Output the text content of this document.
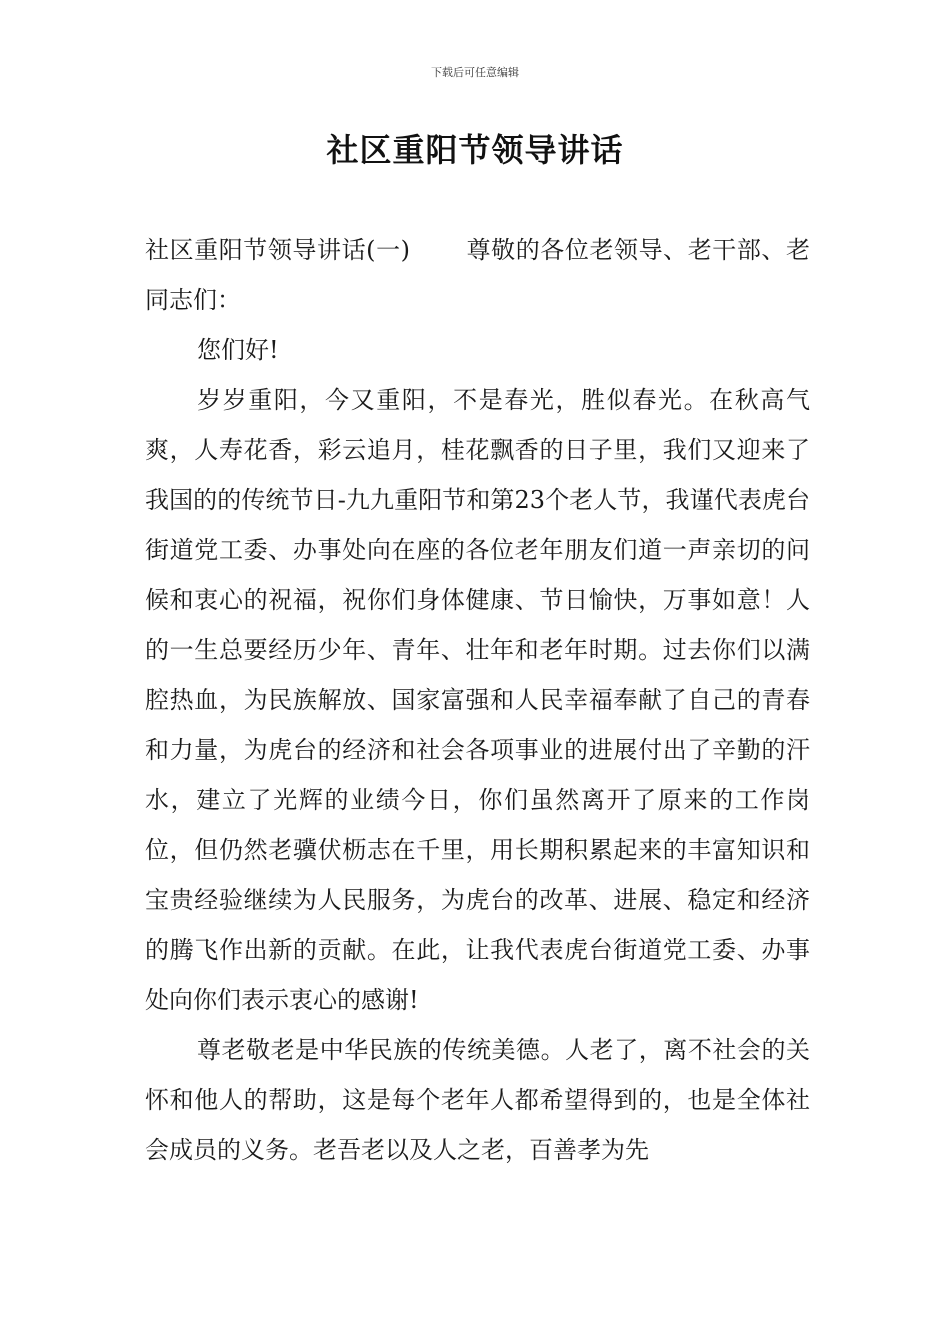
下载后可任意编辑
社区重阳节领导讲话

社区重阳节领导讲话(一) 尊敬的各位老领导、老干部、老同志们：

您们好!

岁岁重阳，今又重阳，不是春光，胜似春光。在秋高气爽，人寿花香，彩云追月，桂花飘香的日子里，我们又迎来了我国的的传统节日-九九重阳节和第23个老人节，我谨代表虎台街道党工委、办事处向在座的各位老年朋友们道一声亲切的问候和衷心的祝福，祝你们身体健康、节日愉快，万事如意！人的一生总要经历少年、青年、壮年和老年时期。过去你们以满腔热血，为民族解放、国家富强和人民幸福奉献了自己的青春和力量，为虎台的经济和社会各项事业的进展付出了辛勤的汗水，建立了光辉的业绩今日，你们虽然离开了原来的工作岗位，但仍然老骥伏枥志在千里，用长期积累起来的丰富知识和宝贵经验继续为人民服务，为虎台的改革、进展、稳定和经济的腾飞作出新的贡献。在此，让我代表虎台街道党工委、办事处向你们表示衷心的感谢!

尊老敬老是中华民族的传统美德。人老了，离不社会的关怀和他人的帮助，这是每个老年人都希望得到的，也是全体社会成员的义务。老吾老以及人之老，百善孝为先
